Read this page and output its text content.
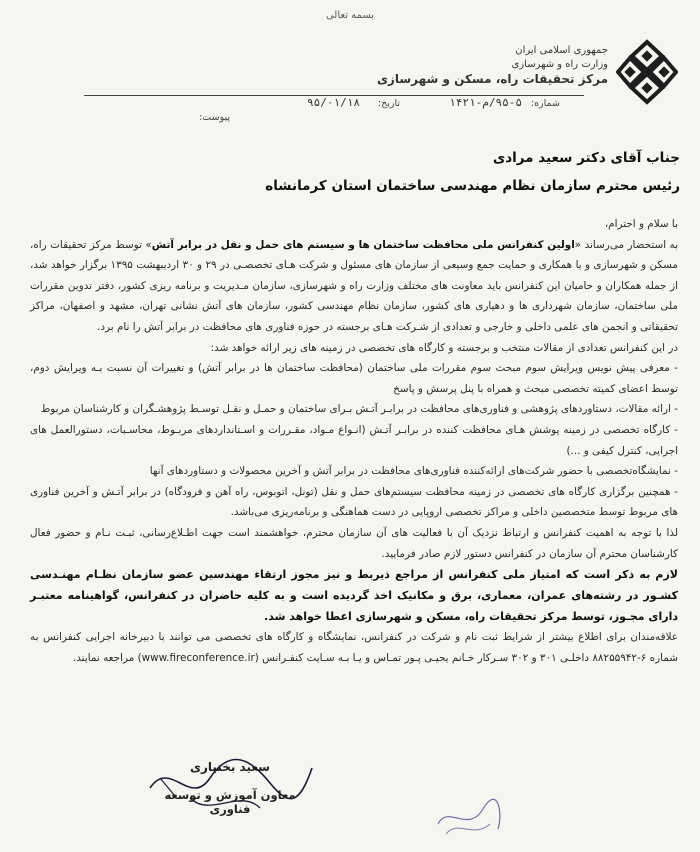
بسمه تعالی
جمهوری اسلامی ایران
وزارت راه و شهرسازی
مرکز تحقیقات راه، مسکن و شهرسازی
شماره:
۹۵-۵/م-۱۴۲۱
تاریخ:
۹۵/۰۱/۱۸
پیوست:
جناب آقای دکتر سعید مرادی
رئیس محترم سازمان نظام مهندسی ساختمان استان کرمانشاه

با سلام و احترام،

به استحضار می‌رساند «اولین کنفرانس ملی محافظت ساختمان ها و سیستم های حمل و نقل در برابر آتش» توسط مرکز تحقیقات راه، مسکن و شهرسازی و با همکاری و حمایت جمع وسیعی از سازمان های مسئول و شرکت هـای تخصصـی در ۲۹ و ۳۰ اردیبهشت ۱۳۹۵ برگزار خواهد شد، از جمله همکاران و حامیان این کنفرانس باید معاونت های مختلف وزارت راه و شهرسازی، سازمان مـدیریت و برنامه ریزی کشور، دفتر تدوین مقررات ملی ساختمان، سازمان شهرداری ها و دهیاری های کشور، سازمان نظام مهندسی کشور، سازمان های آتش نشانی تهران، مشهد و اصفهان، مراکز تحقیقاتی و انجمن های علمی داخلی و خارجی و تعدادی از شـرکت هـای برجسته در حوزه فناوری های محافظت در برابر آتش را نام برد.

در این کنفرانس تعدادی از مقالات منتخب و برجسته و کارگاه های تخصصی در زمینه های زیر ارائه خواهد شد:

- معرفی پیش نویس ویرایش سوم مبحث سوم مقررات ملی ساختمان (محافظت ساختمان ها در برابر آتش) و تغییرات آن نسبت بـه ویرایش دوم، توسط اعضای کمیته تخصصی مبحث و همراه با پنل پرسش و پاسخ

- ارائه مقالات، دستاوردهای پژوهشی و فناوری‌های محافظت در برابـر آتـش بـرای ساختمان و حمـل و نقـل توسـط پژوهشـگران و کارشناسان مربوط

- کارگاه تخصصی در زمینه پوشش هـای محافظت کننده در برابـر آتـش (انـواع مـواد، مقـررات و اسـتانداردهای مربـوط، محاسـبات، دستورالعمل های اجرایی، کنترل کیفی و ...)

- نمایشگاه‌تخصصی با حضور شرکت‌های ارائه‌کننده فناوری‌های محافظت در برابر آتش و آخرین محصولات و دستاوردهای آنها

- همچنین برگزاری کارگاه های تخصصی در زمینه محافظت سیستم‌های حمل و نقل (تونل، اتوبوس، راه آهن و فرودگاه) در برابر آتـش و آخرین فناوری های مربوط توسط متخصصین داخلی و مراکز تخصصی اروپایی در دست هماهنگی و برنامه‌ریزی می‌باشد.

لذا با توجه به اهمیت کنفرانس و ارتباط نزدیک آن با فعالیت های آن سازمان محترم، خواهشمند است جهت اطـلاع‌رسانی، ثبـت نـام و حضور فعال کارشناسان محترم آن سازمان در کنفرانس دستور لازم صادر فرمایید.

لازم به ذکر است که امتیاز ملی کنفرانس از مراجع ذیربط و نیز مجوز ارتقاء مهندسین عضو سازمان نظـام مهنـدسی کشـور در رشته‌های عمران، معماری، برق و مکانیک اخذ گردیده است و به کلیه حاضران در کنفرانس، گواهینامه معتبـر دارای مجـوز، توسط مرکز تحقیقات راه، مسکن و شهرسازی اعطا خواهد شد.

علاقه‌مندان برای اطلاع بیشتر از شرایط ثبت نام و شرکت در کنفرانس، نمایشگاه و کارگاه های تخصصی می توانند با دبیرخانه اجرایی کنفرانس به شماره ۶-۸۸۲۵۵۹۴۲ داخلـی ۳۰۱ و ۳۰۲ سـرکار خـانم یحیـی پـور تمـاس و یـا بـه سـایت کنفـرانس (www.fireconference.ir) مراجعه نمایند.

سعید بختیاری
معاون آموزش و توسعه فناوری
